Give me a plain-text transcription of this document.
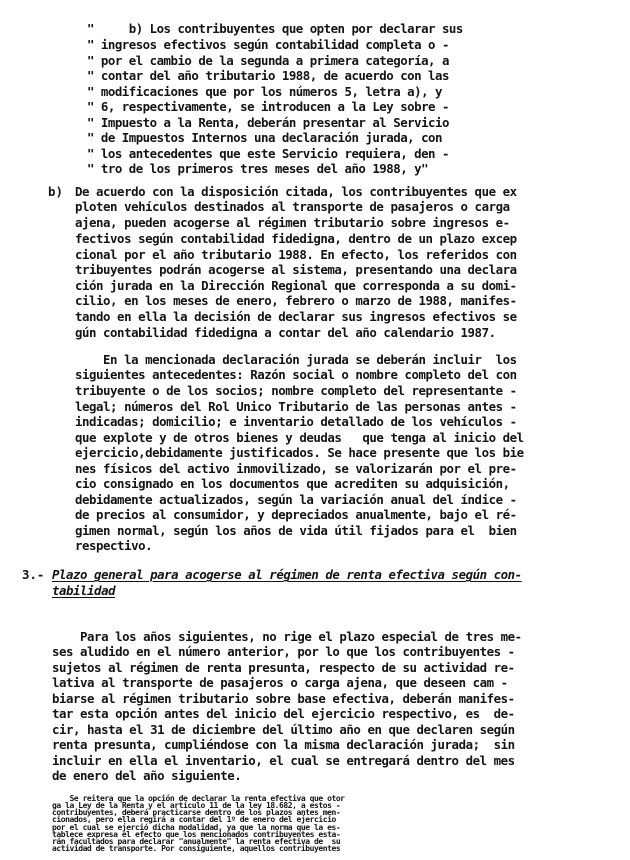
"     b) Los contribuyentes que opten por declarar sus
" ingresos efectivos según contabilidad completa o -
" por el cambio de la segunda a primera categoría, a
" contar del año tributario 1988, de acuerdo con las
" modificaciones que por los números 5, letra a), y
" 6, respectivamente, se introducen a la Ley sobre -
" Impuesto a la Renta, deberán presentar al Servicio
" de Impuestos Internos una declaración jurada, con
" los antecedentes que este Servicio requiera, den -
" tro de los primeros tres meses del año 1988, y"
b) De acuerdo con la disposición citada, los contribuyentes que ex
ploten vehículos destinados al transporte de pasajeros o carga
ajena, pueden acogerse al régimen tributario sobre ingresos e-
fectivos según contabilidad fidedigna, dentro de un plazo excep
cional por el año tributario 1988. En efecto, los referidos con
tribuyentes podrán acogerse al sistema, presentando una declara
ción jurada en la Dirección Regional que corresponda a su domi-
cilio, en los meses de enero, febrero o marzo de 1988, manifes-
tando en ella la decisión de declarar sus ingresos efectivos se
gún contabilidad fidedigna a contar del año calendario 1987.
En la mencionada declaración jurada se deberán incluir  los
siguientes antecedentes: Razón social o nombre completo del con
tribuyente o de los socios; nombre completo del representante -
legal; números del Rol Unico Tributario de las personas antes -
indicadas; domicilio; e inventario detallado de los vehículos -
que explote y de otros bienes y deudas   que tenga al inicio del
ejercicio,debidamente justificados. Se hace presente que los bie
nes físicos del activo inmovilizado, se valorizarán por el pre-
cio consignado en los documentos que acrediten su adquisición,
debidamente actualizados, según la variación anual del índice -
de precios al consumidor, y depreciados anualmente, bajo el ré-
gimen normal, según los años de vida útil fijados para el  bien
respectivo.
3.- Plazo general para acogerse al régimen de renta efectiva según con-
tabilidad
Para los años siguientes, no rige el plazo especial de tres me-
ses aludido en el número anterior, por lo que los contribuyentes -
sujetos al régimen de renta presunta, respecto de su actividad re-
lativa al transporte de pasajeros o carga ajena, que deseen cam -
biarse al régimen tributario sobre base efectiva, deberán manifes-
tar esta opción antes del inicio del ejercicio respectivo, es  de-
cir, hasta el 31 de diciembre del último año en que declaren según
renta presunta, cumpliéndose con la misma declaración jurada;  sin
incluir en ella el inventario, el cual se entregará dentro del mes
de enero del año siguiente.
Se reitera que la opción de declarar la renta efectiva que otor
ga la Ley de la Renta y el artículo 11 de la ley 18.682, a estos -
contribuyentes, deberá practicarse dentro de los plazos antes men-
cionados, pero ella regirá a contar del 1º de enero del ejercicio
por el cual se ejerció dicha modalidad, ya que la norma que la es-
tablece expresa el efecto que los mencionados contribuyentes esta-
rán facultados para declarar "anualmente" la renta efectiva de  su
actividad de transporte. Por consiguiente, aquellos contribuyentes
